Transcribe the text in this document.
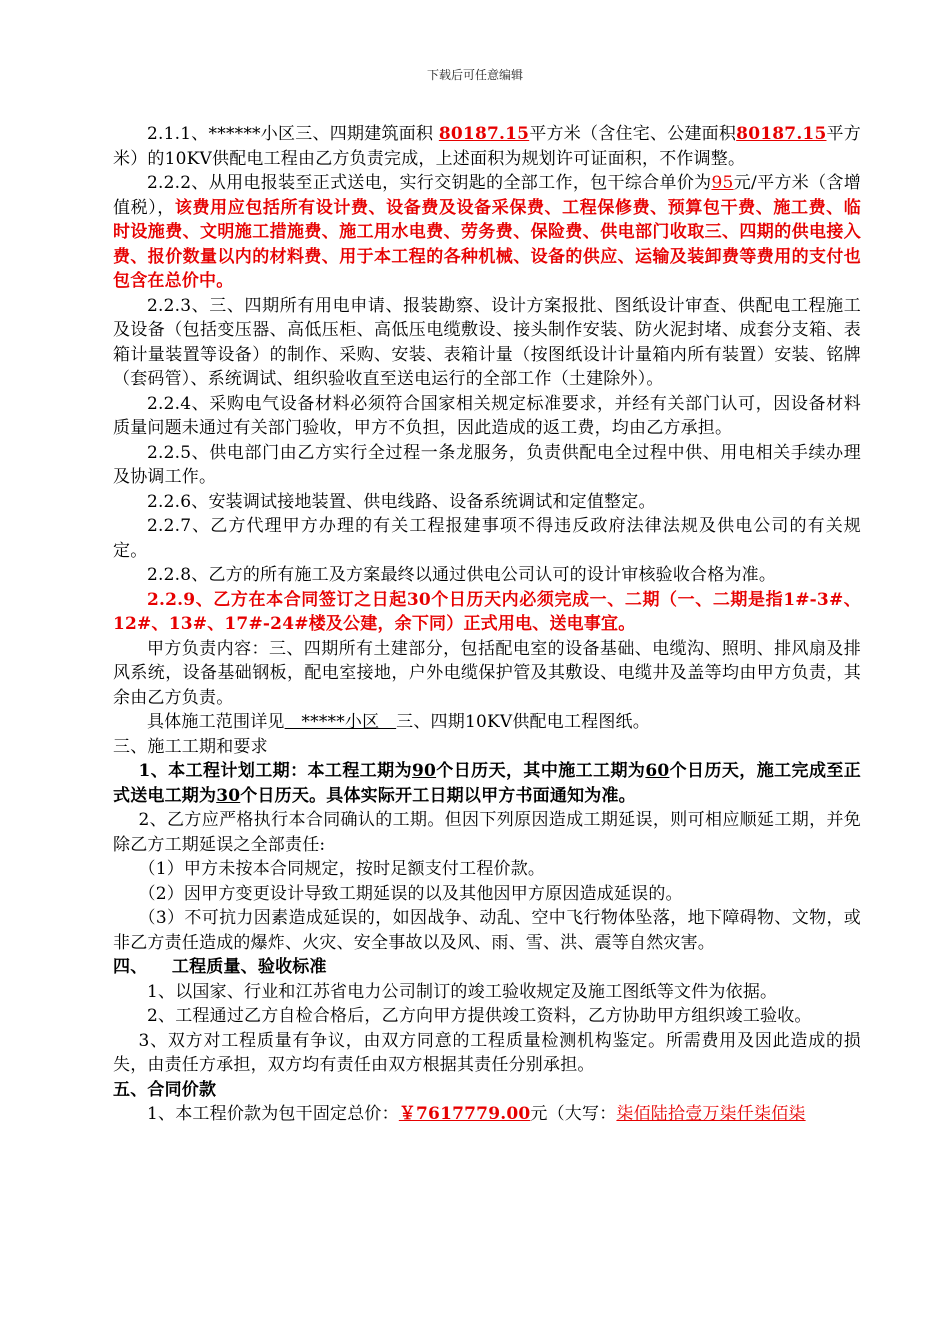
下载后可任意编辑

2.1.1、******小区三、四期建筑面积 80187.15平方米（含住宅、公建面积80187.15平方米）的10KV供配电工程由乙方负责完成，上述面积为规划许可证面积，不作调整。

2.2.2、从用电报装至正式送电，实行交钥匙的全部工作，包干综合单价为95元/平方米（含增值税），该费用应包括所有设计费、设备费及设备采保费、工程保修费、预算包干费、施工费、临时设施费、文明施工措施费、施工用水电费、劳务费、保险费、供电部门收取三、四期的供电接入费、报价数量以内的材料费、用于本工程的各种机械、设备的供应、运输及装卸费等费用的支付也包含在总价中。

2.2.3、三、四期所有用电申请、报装勘察、设计方案报批、图纸设计审查、供配电工程施工及设备（包括变压器、高低压柜、高低压电缆敷设、接头制作安装、防火泥封堵、成套分支箱、表箱计量装置等设备）的制作、采购、安装、表箱计量（按图纸设计计量箱内所有装置）安装、铭牌（套码管）、系统调试、组织验收直至送电运行的全部工作（土建除外）。

2.2.4、采购电气设备材料必须符合国家相关规定标准要求，并经有关部门认可，因设备材料质量问题未通过有关部门验收，甲方不负担，因此造成的返工费，均由乙方承担。

2.2.5、供电部门由乙方实行全过程一条龙服务，负责供配电全过程中供、用电相关手续办理及协调工作。

2.2.6、安装调试接地装置、供电线路、设备系统调试和定值整定。

2.2.7、乙方代理甲方办理的有关工程报建事项不得违反政府法律法规及供电公司的有关规定。

2.2.8、乙方的所有施工及方案最终以通过供电公司认可的设计审核验收合格为准。

2.2.9、乙方在本合同签订之日起30个日历天内必须完成一、二期（一、二期是指1#-3#、12#、13#、17#-24#楼及公建，余下同）正式用电、送电事宜。

甲方负责内容：三、四期所有土建部分，包括配电室的设备基础、电缆沟、照明、排风扇及排风系统，设备基础钢板，配电室接地，户外电缆保护管及其敷设、电缆井及盖等均由甲方负责，其余由乙方负责。

具体施工范围详见   *****小区   三、四期10KV供配电工程图纸。

三、施工工期和要求

1、本工程计划工期：本工程工期为90个日历天，其中施工工期为60个日历天，施工完成至正式送电工期为30个日历天。具体实际开工日期以甲方书面通知为准。

2、乙方应严格执行本合同确认的工期。但因下列原因造成工期延误，则可相应顺延工期，并免除乙方工期延误之全部责任:

（1）甲方未按本合同规定，按时足额支付工程价款。

（2）因甲方变更设计导致工期延误的以及其他因甲方原因造成延误的。

（3）不可抗力因素造成延误的，如因战争、动乱、空中飞行物体坠落，地下障碍物、文物，或非乙方责任造成的爆炸、火灾、安全事故以及风、雨、雪、洪、震等自然灾害。

四、    工程质量、验收标准

1、以国家、行业和江苏省电力公司制订的竣工验收规定及施工图纸等文件为依据。

2、工程通过乙方自检合格后，乙方向甲方提供竣工资料，乙方协助甲方组织竣工验收。

3、双方对工程质量有争议，由双方同意的工程质量检测机构鉴定。所需费用及因此造成的损失，由责任方承担，双方均有责任由双方根据其责任分别承担。

五、合同价款

1、本工程价款为包干固定总价：￥7617779.00元（大写：柒佰陆拾壹万柒仟柒佰柒
